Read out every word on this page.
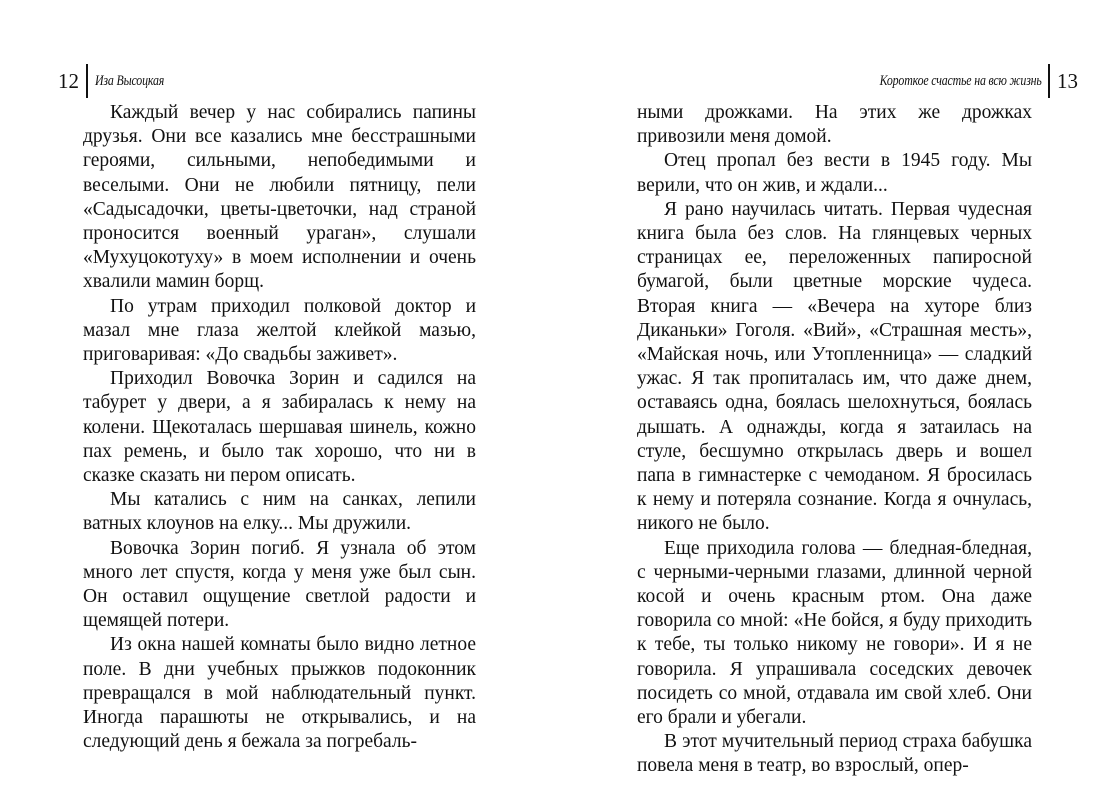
12 Иза Высоцкая

Каждый вечер у нас собирались папины друзья. Они все казались мне бесстрашными героями, сильными, непобедимыми и веселыми. Они не любили пятницу, пели «Садысадочки, цветы-цветочки, над страной проносится военный ураган», слушали «Мухуцокотуху» в моем исполнении и очень хвалили мамин борщ.

По утрам приходил полковой доктор и мазал мне глаза желтой клейкой мазью, приговаривая: «До свадьбы заживет».

Приходил Вовочка Зорин и садился на табурет у двери, а я забиралась к нему на колени. Щекоталась шершавая шинель, кожно пах ремень, и было так хорошо, что ни в сказке сказать ни пером описать.

Мы катались с ним на санках, лепили ватных клоунов на елку... Мы дружили.

Вовочка Зорин погиб. Я узнала об этом много лет спустя, когда у меня уже был сын. Он оставил ощущение светлой радости и щемящей потери.

Из окна нашей комнаты было видно летное поле. В дни учебных прыжков подоконник превращался в мой наблюдательный пункт. Иногда парашюты не открывались, и на следующий день я бежала за погребаль-

Короткое счастье на всю жизнь 13

ными дрожками. На этих же дрожках привозили меня домой.

Отец пропал без вести в 1945 году. Мы верили, что он жив, и ждали...

Я рано научилась читать. Первая чудесная книга была без слов. На глянцевых черных страницах ее, переложенных папиросной бумагой, были цветные морские чудеса. Вторая книга — «Вечера на хуторе близ Диканьки» Гоголя. «Вий», «Страшная месть», «Майская ночь, или Утопленница» — сладкий ужас. Я так пропиталась им, что даже днем, оставаясь одна, боялась шелохнуться, боялась дышать. А однажды, когда я затаилась на стуле, бесшумно открылась дверь и вошел папа в гимнастерке с чемоданом. Я бросилась к нему и потеряла сознание. Когда я очнулась, никого не было.

Еще приходила голова — бледная-бледная, с черными-черными глазами, длинной черной косой и очень красным ртом. Она даже говорила со мной: «Не бойся, я буду приходить к тебе, ты только никому не говори». И я не говорила. Я упрашивала соседских девочек посидеть со мной, отдавала им свой хлеб. Они его брали и убегали.

В этот мучительный период страха бабушка повела меня в театр, во взрослый, опер-
